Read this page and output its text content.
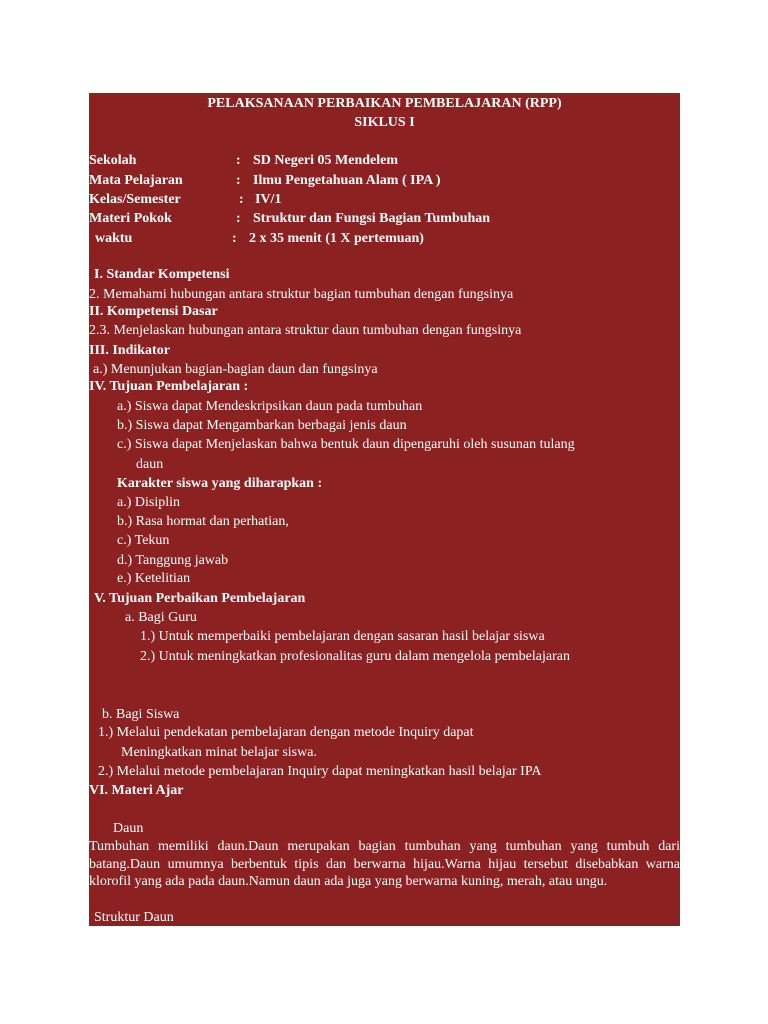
PELAKSANAAN PERBAIKAN PEMBELAJARAN (RPP)
SIKLUS I
Sekolah	: SD Negeri 05 Mendelem
Mata Pelajaran	: Ilmu Pengetahuan Alam ( IPA )
Kelas/Semester	: IV/1
Materi Pokok	: Struktur dan Fungsi Bagian Tumbuhan
waktu	: 2 x 35 menit (1 X pertemuan)
I. Standar Kompetensi
2. Memahami hubungan antara struktur bagian tumbuhan dengan fungsinya
II. Kompetensi Dasar
2.3. Menjelaskan hubungan antara struktur daun tumbuhan dengan fungsinya
III. Indikator
a.) Menunjukan bagian-bagian daun dan fungsinya
IV. Tujuan Pembelajaran :
a.) Siswa dapat Mendeskripsikan daun pada tumbuhan
b.) Siswa dapat Mengambarkan berbagai jenis daun
c.) Siswa dapat Menjelaskan bahwa bentuk daun dipengaruhi oleh susunan tulang
daun
Karakter siswa yang diharapkan :
a.) Disiplin
b.) Rasa hormat dan perhatian,
c.) Tekun
d.) Tanggung jawab
e.) Ketelitian
V. Tujuan Perbaikan Pembelajaran
a. Bagi Guru
1.) Untuk memperbaiki pembelajaran dengan sasaran hasil belajar siswa
2.) Untuk meningkatkan profesionalitas guru dalam mengelola pembelajaran
b. Bagi Siswa
1.) Melalui pendekatan pembelajaran dengan metode Inquiry dapat
Meningkatkan minat belajar siswa.
2.) Melalui metode pembelajaran Inquiry dapat meningkatkan hasil belajar IPA
VI. Materi Ajar
Daun
Tumbuhan memiliki daun.Daun merupakan bagian tumbuhan yang tumbuhan yang tumbuh dari batang.Daun umumnya berbentuk tipis dan berwarna hijau.Warna hijau tersebut disebabkan warna klorofil yang ada pada daun.Namun daun ada juga yang berwarna kuning, merah, atau ungu.
1) Struktur Daun
